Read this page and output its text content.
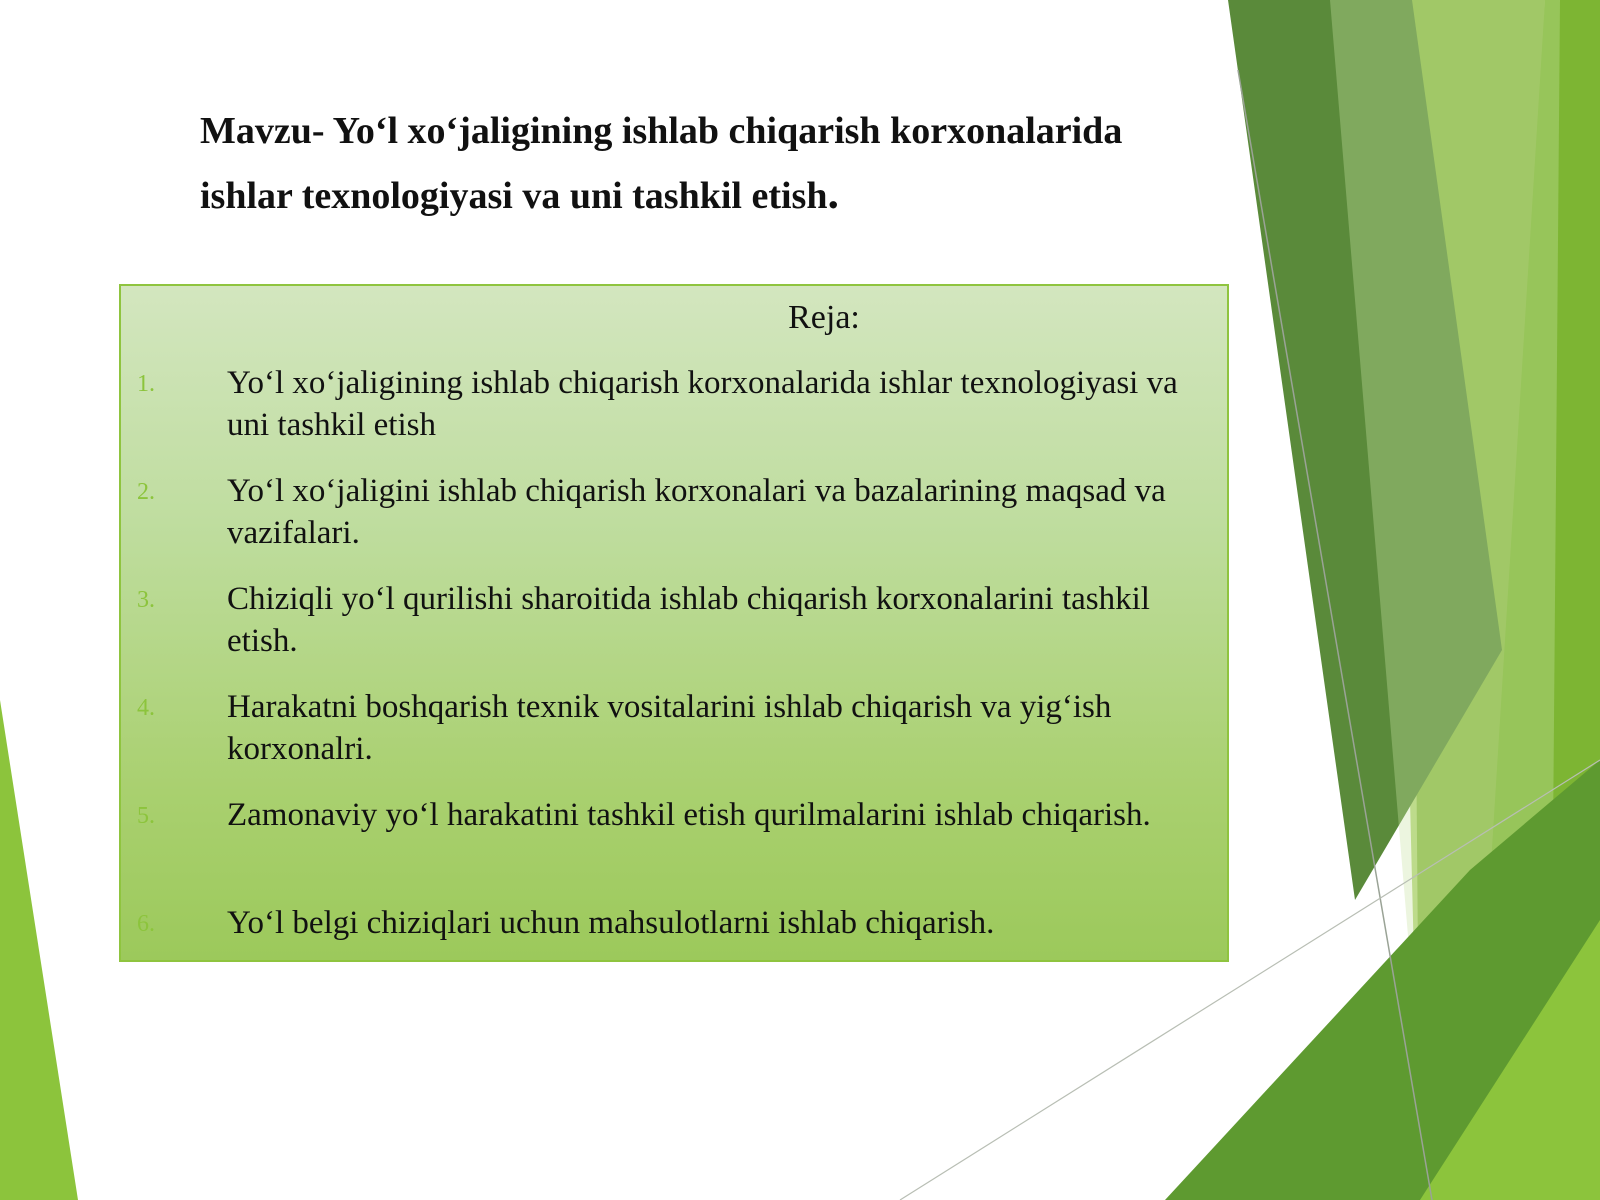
Mavzu- Yo‘l xo‘jaligining ishlab chiqarish korxonalarida ishlar texnologiyasi va uni tashkil etish.
Reja:
1. Yo‘l xo‘jaligining ishlab chiqarish korxonalarida ishlar texnologiyasi va uni tashkil etish
2. Yo‘l xo‘jaligini ishlab chiqarish korxonalari va bazalarining maqsad va vazifalari.
3. Chiziqli yo‘l qurilishi sharoitida ishlab chiqarish korxonalarini tashkil etish.
4. Harakatni boshqarish texnik vositalarini ishlab chiqarish va yig‘ish korxonalri.
5. Zamonaviy yo‘l harakatini tashkil etish qurilmalarini ishlab chiqarish.
6. Yo‘l belgi chiziqlari uchun mahsulotlarni ishlab chiqarish.
